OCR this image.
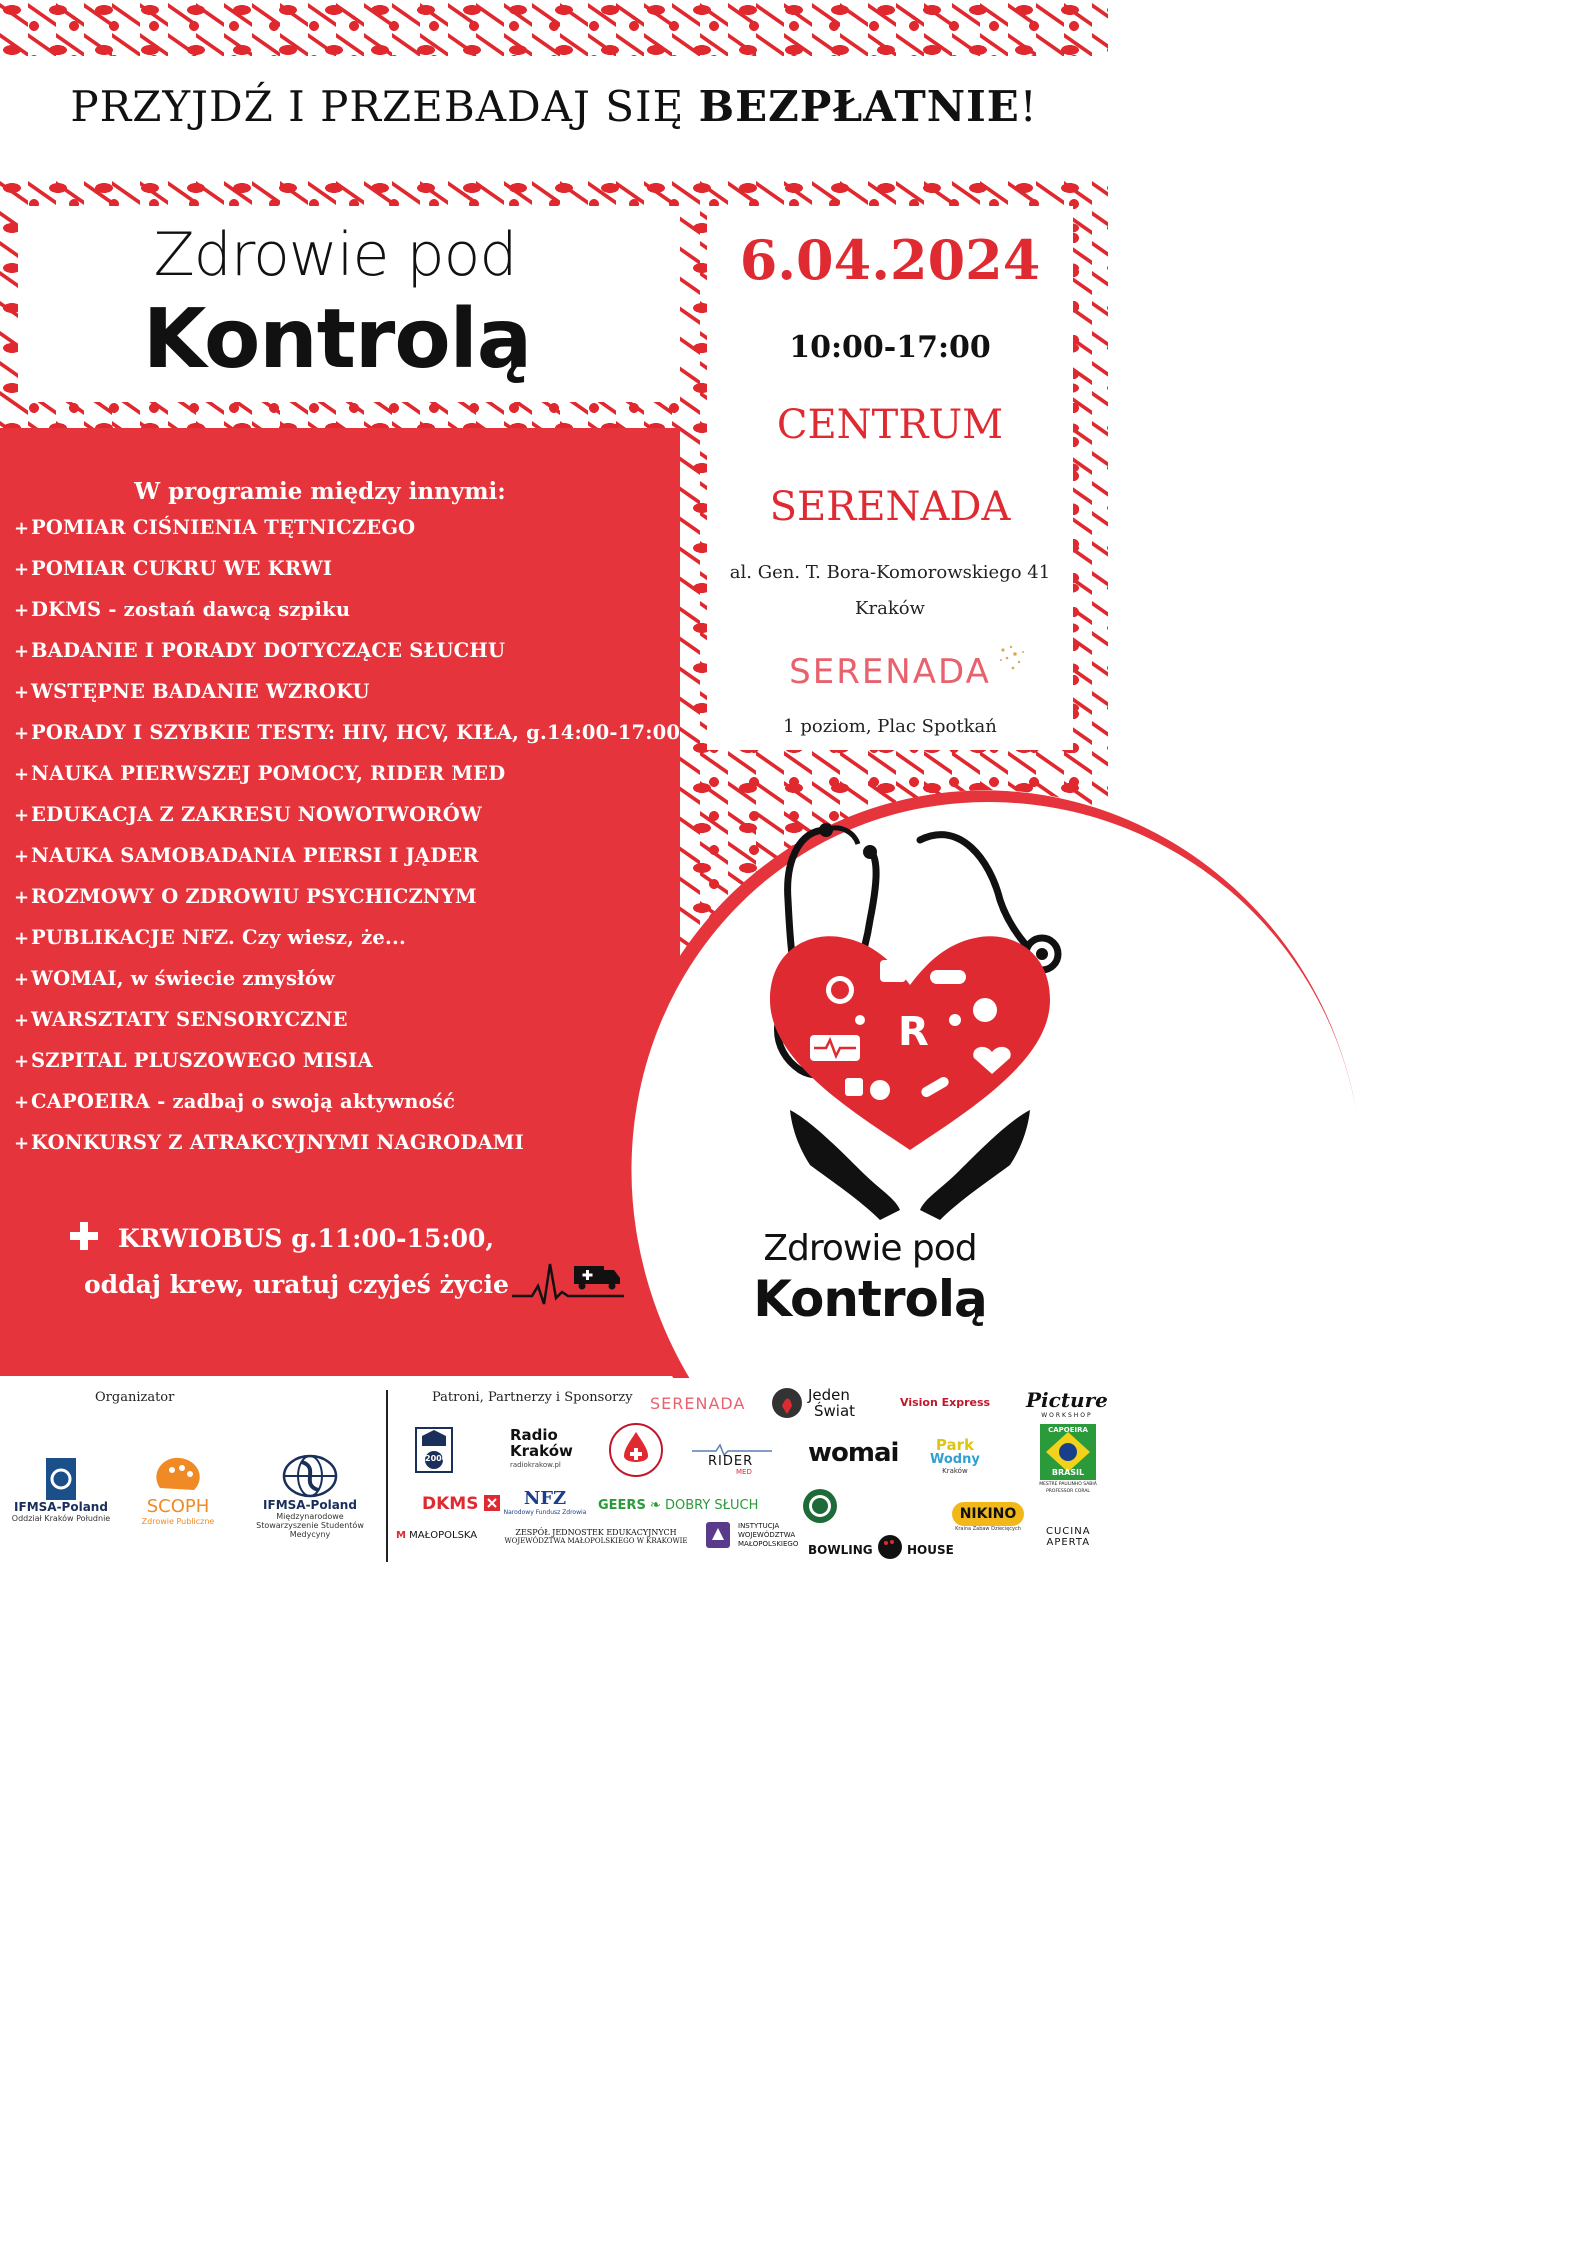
PRZYJDŹ I PRZEBADAJ SIĘ BEZPŁATNIE!
Zdrowie pod
Kontrolą
6.04.2024
10:00-17:00
CENTRUM
SERENADA
al. Gen. T. Bora-Komorowskiego 41
Kraków
SERENADA
1 poziom, Plac Spotkań
W programie między innymi:
+POMIAR CIŚNIENIA TĘTNICZEGO
+POMIAR CUKRU WE KRWI
+DKMS - zostań dawcą szpiku
+BADANIE I PORADY DOTYCZĄCE SŁUCHU
+WSTĘPNE BADANIE WZROKU
+PORADY I SZYBKIE TESTY: HIV, HCV, KIŁA, g.14:00-17:00
+NAUKA PIERWSZEJ POMOCY, RIDER MED
+EDUKACJA Z ZAKRESU NOWOTWORÓW
+NAUKA SAMOBADANIA PIERSI I JĄDER
+ROZMOWY O ZDROWIU PSYCHICZNYM
+PUBLIKACJE NFZ. Czy wiesz, że...
+WOMAI, w świecie zmysłów
+WARSZTATY SENSORYCZNE
+SZPITAL PLUSZOWEGO MISIA
+CAPOEIRA - zadbaj o swoją aktywność
+KONKURSY Z ATRAKCYJNYMI NAGRODAMI
KRWIOBUS g.11:00-15:00,
oddaj krew, uratuj czyjeś życie
R
Zdrowie pod
Kontrolą
Organizator	Patroni, Partnerzy i Sponsorzy
IFMSA-Poland
Oddział Kraków Południe
SCOPH
Zdrowie Publiczne
IFMSA-Poland
Międzynarodowe Stowarzyszenie Studentów Medycyny
SERENADA	Jeden
Świat	Vision Express Picture
WORKSHOP
2000
Radio
Kraków
radiokrakow.pl	RIDER
MED
womai	Park
Wodny
Kraków
CAPOEIRA
BRASIL
MESTRE PAULINHO SABIÁ
PROFESSOR CORAL
DKMS	NFZ
Narodowy Fundusz Zdrowia GEERS ❧ DOBRY SŁUCH
M MAŁOPOLSKA	ZESPÓŁ JEDNOSTEK EDUKACYJNYCH
WOJEWÓDZTWA MAŁOPOLSKIEGO W KRAKOWIE
INSTYTUCJA
WOJEWÓDZTWA
MAŁOPOLSKIEGO BOWLING	HOUSE
NIKINO
Kraina Zabaw Dziecięcych	CUCINA
APERTA
